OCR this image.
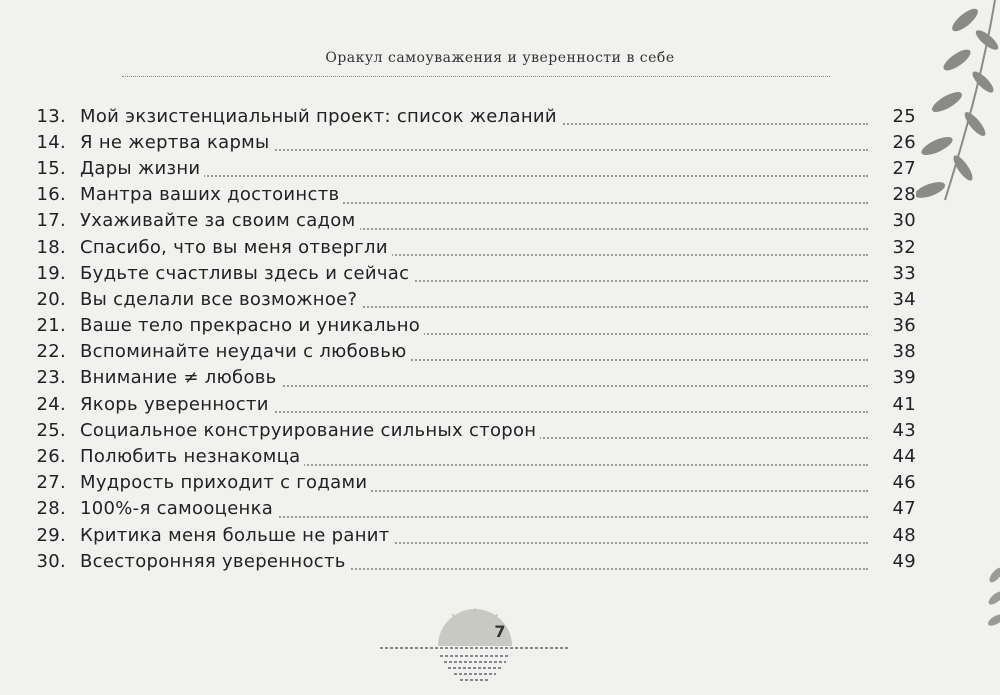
Оракул самоуважения и уверенности в себе
13. Мой экзистенциальный проект: список желаний	25
14. Я не жертва кармы	26
15. Дары жизни	27
16. Мантра ваших достоинств	28
17. Ухаживайте за своим садом	30
18. Спасибо, что вы меня отвергли	32
19. Будьте счастливы здесь и сейчас	33
20. Вы сделали все возможное?	34
21. Ваше тело прекрасно и уникально	36
22. Вспоминайте неудачи с любовью	38
23. Внимание ≠ любовь	39
24. Якорь уверенности	41
25. Социальное конструирование сильных сторон	43
26. Полюбить незнакомца	44
27. Мудрость приходит с годами	46
28. 100%-я самооценка	47
29. Критика меня больше не ранит	48
30. Всесторонняя уверенность	49
7
